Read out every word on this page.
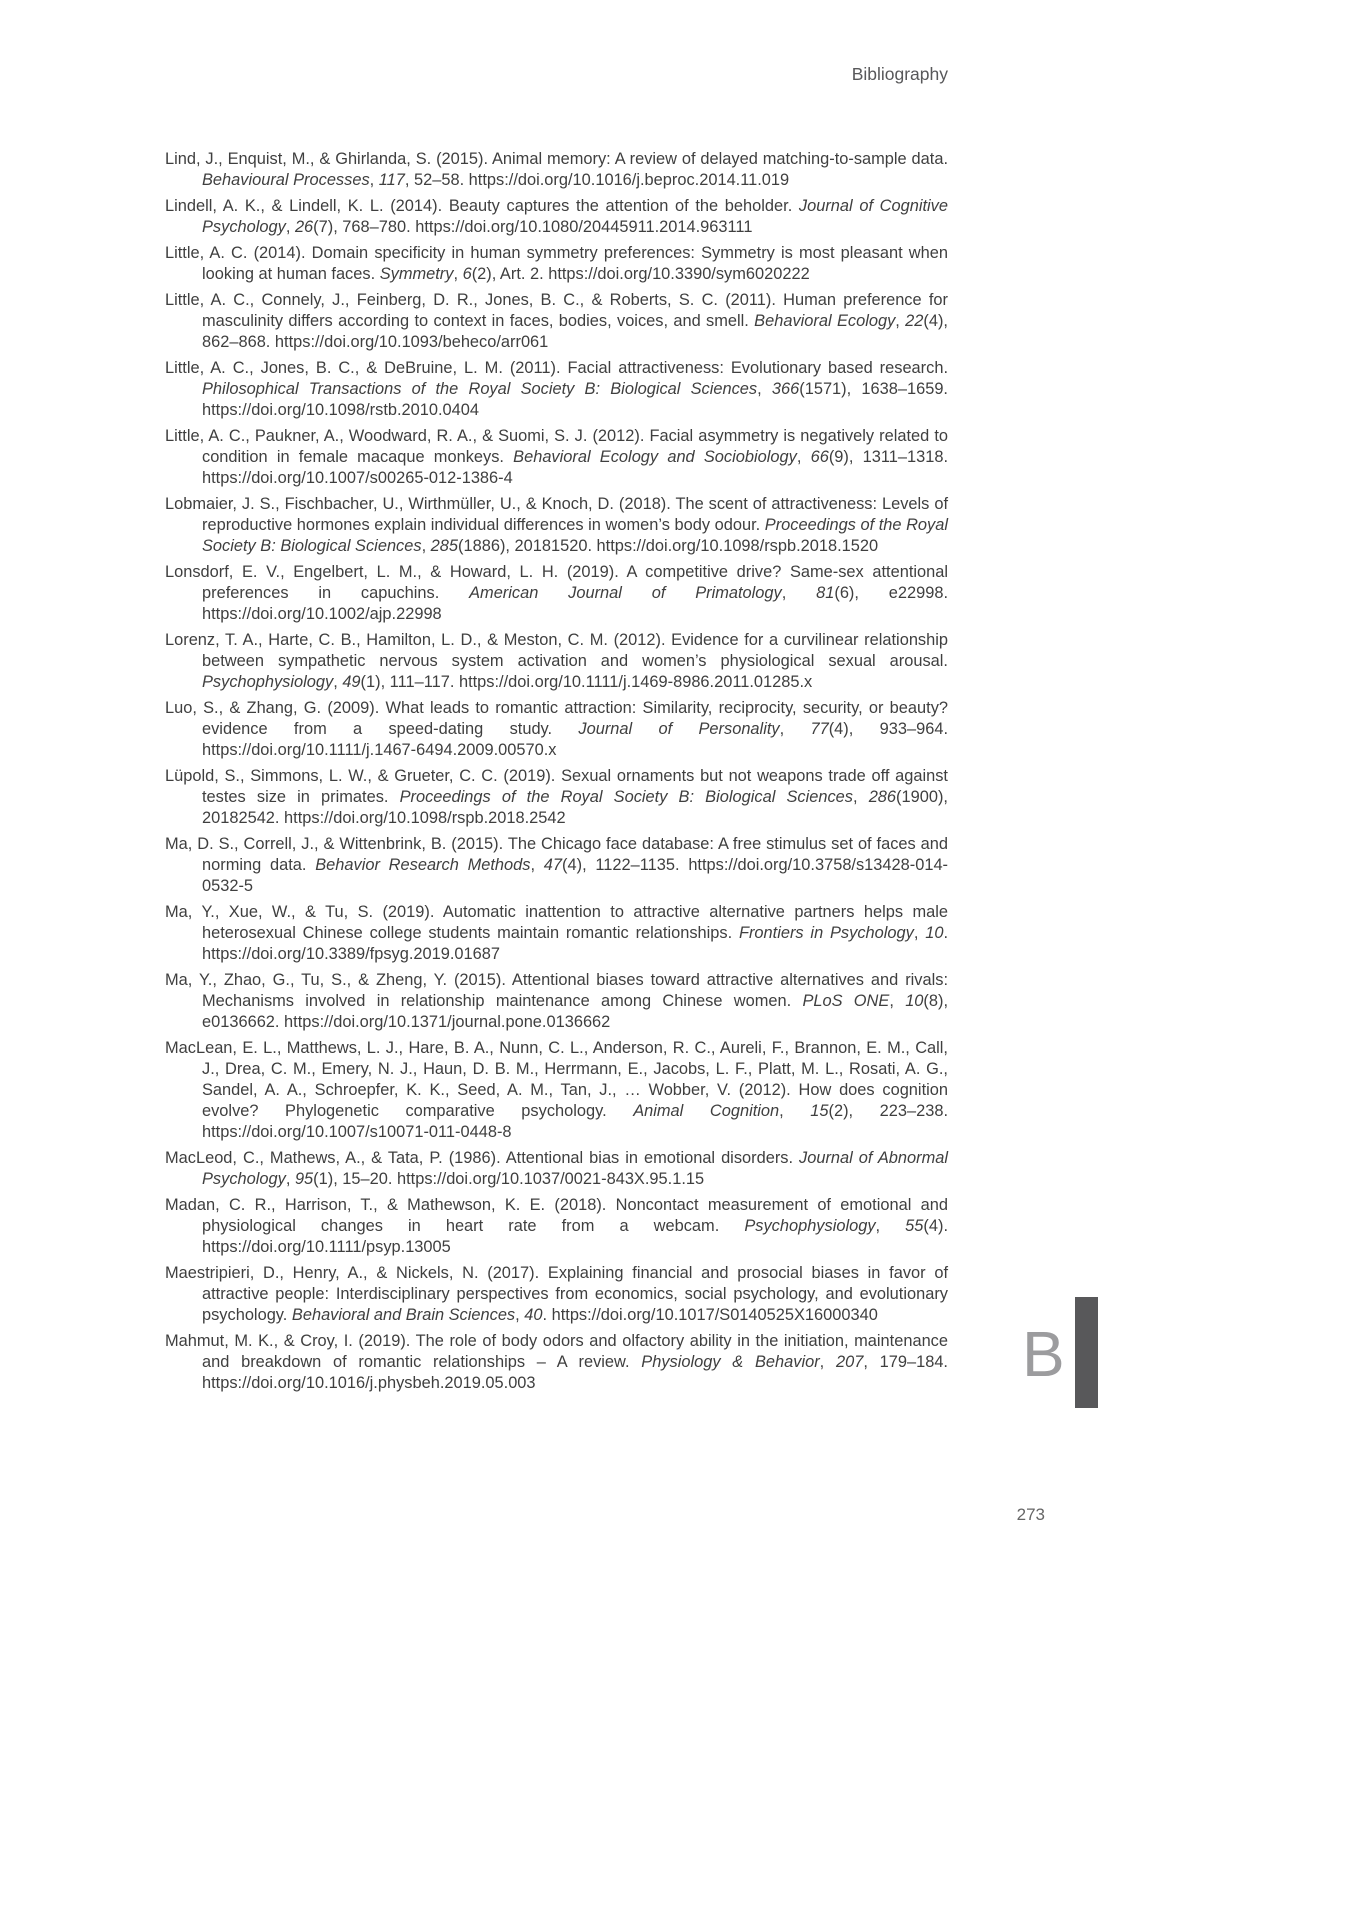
Bibliography

Lind, J., Enquist, M., & Ghirlanda, S. (2015). Animal memory: A review of delayed matching-to-sample data. Behavioural Processes, 117, 52–58. https://doi.org/10.1016/j.beproc.2014.11.019

Lindell, A. K., & Lindell, K. L. (2014). Beauty captures the attention of the beholder. Journal of Cognitive Psychology, 26(7), 768–780. https://doi.org/10.1080/20445911.2014.963111

Little, A. C. (2014). Domain specificity in human symmetry preferences: Symmetry is most pleasant when looking at human faces. Symmetry, 6(2), Art. 2. https://doi.org/10.3390/sym6020222

Little, A. C., Connely, J., Feinberg, D. R., Jones, B. C., & Roberts, S. C. (2011). Human preference for masculinity differs according to context in faces, bodies, voices, and smell. Behavioral Ecology, 22(4), 862–868. https://doi.org/10.1093/beheco/arr061

Little, A. C., Jones, B. C., & DeBruine, L. M. (2011). Facial attractiveness: Evolutionary based research. Philosophical Transactions of the Royal Society B: Biological Sciences, 366(1571), 1638–1659. https://doi.org/10.1098/rstb.2010.0404

Little, A. C., Paukner, A., Woodward, R. A., & Suomi, S. J. (2012). Facial asymmetry is negatively related to condition in female macaque monkeys. Behavioral Ecology and Sociobiology, 66(9), 1311–1318. https://doi.org/10.1007/s00265-012-1386-4

Lobmaier, J. S., Fischbacher, U., Wirthmüller, U., & Knoch, D. (2018). The scent of attractiveness: Levels of reproductive hormones explain individual differences in women’s body odour. Proceedings of the Royal Society B: Biological Sciences, 285(1886), 20181520. https://doi.org/10.1098/rspb.2018.1520

Lonsdorf, E. V., Engelbert, L. M., & Howard, L. H. (2019). A competitive drive? Same-sex attentional preferences in capuchins. American Journal of Primatology, 81(6), e22998. https://doi.org/10.1002/ajp.22998

Lorenz, T. A., Harte, C. B., Hamilton, L. D., & Meston, C. M. (2012). Evidence for a curvilinear relationship between sympathetic nervous system activation and women’s physiological sexual arousal. Psychophysiology, 49(1), 111–117. https://doi.org/10.1111/j.1469-8986.2011.01285.x

Luo, S., & Zhang, G. (2009). What leads to romantic attraction: Similarity, reciprocity, security, or beauty? evidence from a speed-dating study. Journal of Personality, 77(4), 933–964. https://doi.org/10.1111/j.1467-6494.2009.00570.x

Lüpold, S., Simmons, L. W., & Grueter, C. C. (2019). Sexual ornaments but not weapons trade off against testes size in primates. Proceedings of the Royal Society B: Biological Sciences, 286(1900), 20182542. https://doi.org/10.1098/rspb.2018.2542

Ma, D. S., Correll, J., & Wittenbrink, B. (2015). The Chicago face database: A free stimulus set of faces and norming data. Behavior Research Methods, 47(4), 1122–1135. https://doi.org/10.3758/s13428-014-0532-5

Ma, Y., Xue, W., & Tu, S. (2019). Automatic inattention to attractive alternative partners helps male heterosexual Chinese college students maintain romantic relationships. Frontiers in Psychology, 10. https://doi.org/10.3389/fpsyg.2019.01687

Ma, Y., Zhao, G., Tu, S., & Zheng, Y. (2015). Attentional biases toward attractive alternatives and rivals: Mechanisms involved in relationship maintenance among Chinese women. PLoS ONE, 10(8), e0136662. https://doi.org/10.1371/journal.pone.0136662

MacLean, E. L., Matthews, L. J., Hare, B. A., Nunn, C. L., Anderson, R. C., Aureli, F., Brannon, E. M., Call, J., Drea, C. M., Emery, N. J., Haun, D. B. M., Herrmann, E., Jacobs, L. F., Platt, M. L., Rosati, A. G., Sandel, A. A., Schroepfer, K. K., Seed, A. M., Tan, J., … Wobber, V. (2012). How does cognition evolve? Phylogenetic comparative psychology. Animal Cognition, 15(2), 223–238. https://doi.org/10.1007/s10071-011-0448-8

MacLeod, C., Mathews, A., & Tata, P. (1986). Attentional bias in emotional disorders. Journal of Abnormal Psychology, 95(1), 15–20. https://doi.org/10.1037/0021-843X.95.1.15

Madan, C. R., Harrison, T., & Mathewson, K. E. (2018). Noncontact measurement of emotional and physiological changes in heart rate from a webcam. Psychophysiology, 55(4). https://doi.org/10.1111/psyp.13005

Maestripieri, D., Henry, A., & Nickels, N. (2017). Explaining financial and prosocial biases in favor of attractive people: Interdisciplinary perspectives from economics, social psychology, and evolutionary psychology. Behavioral and Brain Sciences, 40. https://doi.org/10.1017/S0140525X16000340

Mahmut, M. K., & Croy, I. (2019). The role of body odors and olfactory ability in the initiation, maintenance and breakdown of romantic relationships – A review. Physiology & Behavior, 207, 179–184. https://doi.org/10.1016/j.physbeh.2019.05.003	B
273
